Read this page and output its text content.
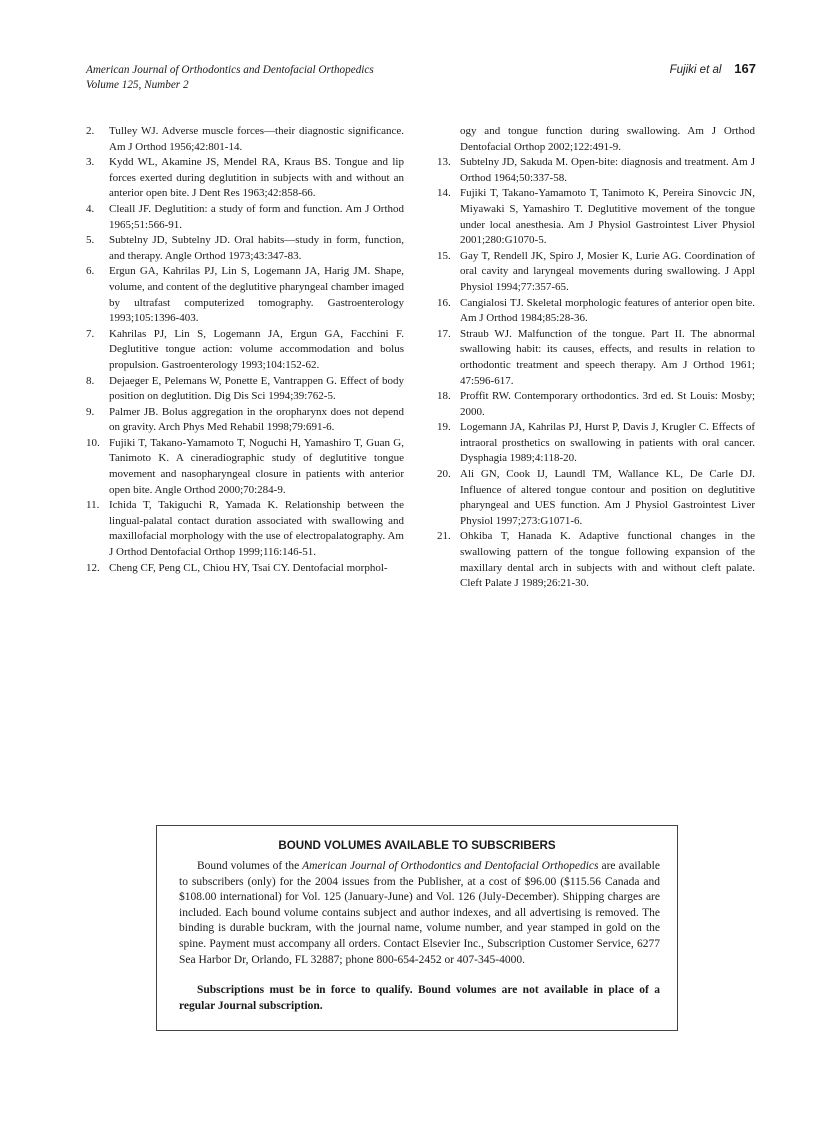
American Journal of Orthodontics and Dentofacial Orthopedics
Volume 125, Number 2
Fujiki et al 167
2.	Tulley WJ. Adverse muscle forces—their diagnostic significance. Am J Orthod 1956;42:801-14.
3.	Kydd WL, Akamine JS, Mendel RA, Kraus BS. Tongue and lip forces exerted during deglutition in subjects with and without an anterior open bite. J Dent Res 1963;42:858-66.
4.	Cleall JF. Deglutition: a study of form and function. Am J Orthod 1965;51:566-91.
5.	Subtelny JD, Subtelny JD. Oral habits—study in form, function, and therapy. Angle Orthod 1973;43:347-83.
6.	Ergun GA, Kahrilas PJ, Lin S, Logemann JA, Harig JM. Shape, volume, and content of the deglutitive pharyngeal chamber imaged by ultrafast computerized tomography. Gastroenterology 1993;105:1396-403.
7.	Kahrilas PJ, Lin S, Logemann JA, Ergun GA, Facchini F. Deglutitive tongue action: volume accommodation and bolus propulsion. Gastroenterology 1993;104:152-62.
8.	Dejaeger E, Pelemans W, Ponette E, Vantrappen G. Effect of body position on deglutition. Dig Dis Sci 1994;39:762-5.
9.	Palmer JB. Bolus aggregation in the oropharynx does not depend on gravity. Arch Phys Med Rehabil 1998;79:691-6.
10. Fujiki T, Takano-Yamamoto T, Noguchi H, Yamashiro T, Guan G, Tanimoto K. A cineradiographic study of deglutitive tongue movement and nasopharyngeal closure in patients with anterior open bite. Angle Orthod 2000;70:284-9.
11. Ichida T, Takiguchi R, Yamada K. Relationship between the lingual-palatal contact duration associated with swallowing and maxillofacial morphology with the use of electropalatography. Am J Orthod Dentofacial Orthop 1999;116:146-51.
12. Cheng CF, Peng CL, Chiou HY, Tsai CY. Dentofacial morphol-
ogy and tongue function during swallowing. Am J Orthod Dentofacial Orthop 2002;122:491-9.
13. Subtelny JD, Sakuda M. Open-bite: diagnosis and treatment. Am J Orthod 1964;50:337-58.
14. Fujiki T, Takano-Yamamoto T, Tanimoto K, Pereira Sinovcic JN, Miyawaki S, Yamashiro T. Deglutitive movement of the tongue under local anesthesia. Am J Physiol Gastrointest Liver Physiol 2001;280:G1070-5.
15. Gay T, Rendell JK, Spiro J, Mosier K, Lurie AG. Coordination of oral cavity and laryngeal movements during swallowing. J Appl Physiol 1994;77:357-65.
16. Cangialosi TJ. Skeletal morphologic features of anterior open bite. Am J Orthod 1984;85:28-36.
17. Straub WJ. Malfunction of the tongue. Part II. The abnormal swallowing habit: its causes, effects, and results in relation to orthodontic treatment and speech therapy. Am J Orthod 1961; 47:596-617.
18. Proffit RW. Contemporary orthodontics. 3rd ed. St Louis: Mosby; 2000.
19. Logemann JA, Kahrilas PJ, Hurst P, Davis J, Krugler C. Effects of intraoral prosthetics on swallowing in patients with oral cancer. Dysphagia 1989;4:118-20.
20. Ali GN, Cook IJ, Laundl TM, Wallance KL, De Carle DJ. Influence of altered tongue contour and position on deglutitive pharyngeal and UES function. Am J Physiol Gastrointest Liver Physiol 1997;273:G1071-6.
21. Ohkiba T, Hanada K. Adaptive functional changes in the swallowing pattern of the tongue following expansion of the maxillary dental arch in subjects with and without cleft palate. Cleft Palate J 1989;26:21-30.
BOUND VOLUMES AVAILABLE TO SUBSCRIBERS
Bound volumes of the American Journal of Orthodontics and Dentofacial Orthopedics are available to subscribers (only) for the 2004 issues from the Publisher, at a cost of $96.00 ($115.56 Canada and $108.00 international) for Vol. 125 (January-June) and Vol. 126 (July-December). Shipping charges are included. Each bound volume contains subject and author indexes, and all advertising is removed. The binding is durable buckram, with the journal name, volume number, and year stamped in gold on the spine. Payment must accompany all orders. Contact Elsevier Inc., Subscription Customer Service, 6277 Sea Harbor Dr, Orlando, FL 32887; phone 800-654-2452 or 407-345-4000.
Subscriptions must be in force to qualify. Bound volumes are not available in place of a regular Journal subscription.
